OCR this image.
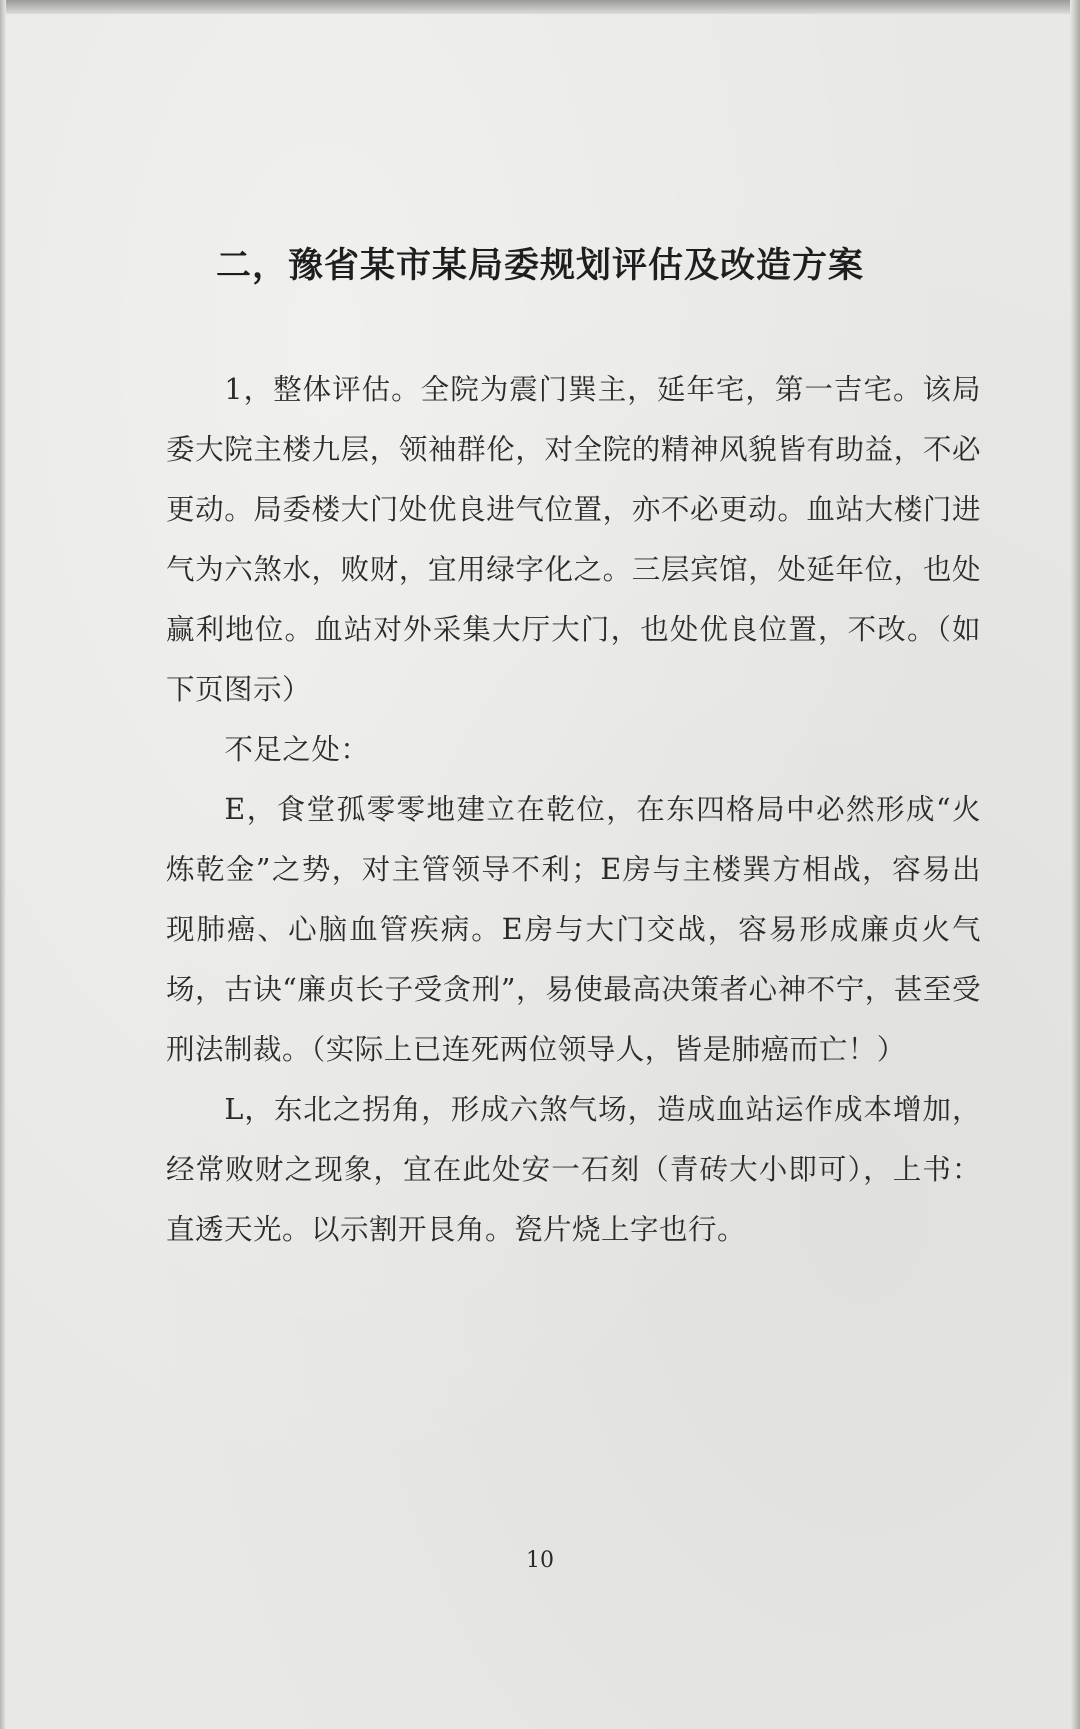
二，豫省某市某局委规划评估及改造方案

1，整体评估。全院为震门巽主，延年宅，第一吉宅。该局委大院主楼九层，领袖群伦，对全院的精神风貌皆有助益，不必更动。局委楼大门处优良进气位置，亦不必更动。血站大楼门进气为六煞水，败财，宜用绿字化之。三层宾馆，处延年位，也处赢利地位。血站对外采集大厅大门，也处优良位置，不改。（如下页图示）

不足之处：

E，食堂孤零零地建立在乾位，在东四格局中必然形成“火炼乾金”之势，对主管领导不利；E房与主楼巽方相战，容易出现肺癌、心脑血管疾病。E房与大门交战，容易形成廉贞火气场，古诀“廉贞长子受贪刑”，易使最高决策者心神不宁，甚至受刑法制裁。（实际上已连死两位领导人，皆是肺癌而亡！）

L，东北之拐角，形成六煞气场，造成血站运作成本增加，经常败财之现象，宜在此处安一石刻（青砖大小即可），上书：直透天光。以示割开艮角。瓷片烧上字也行。

10
